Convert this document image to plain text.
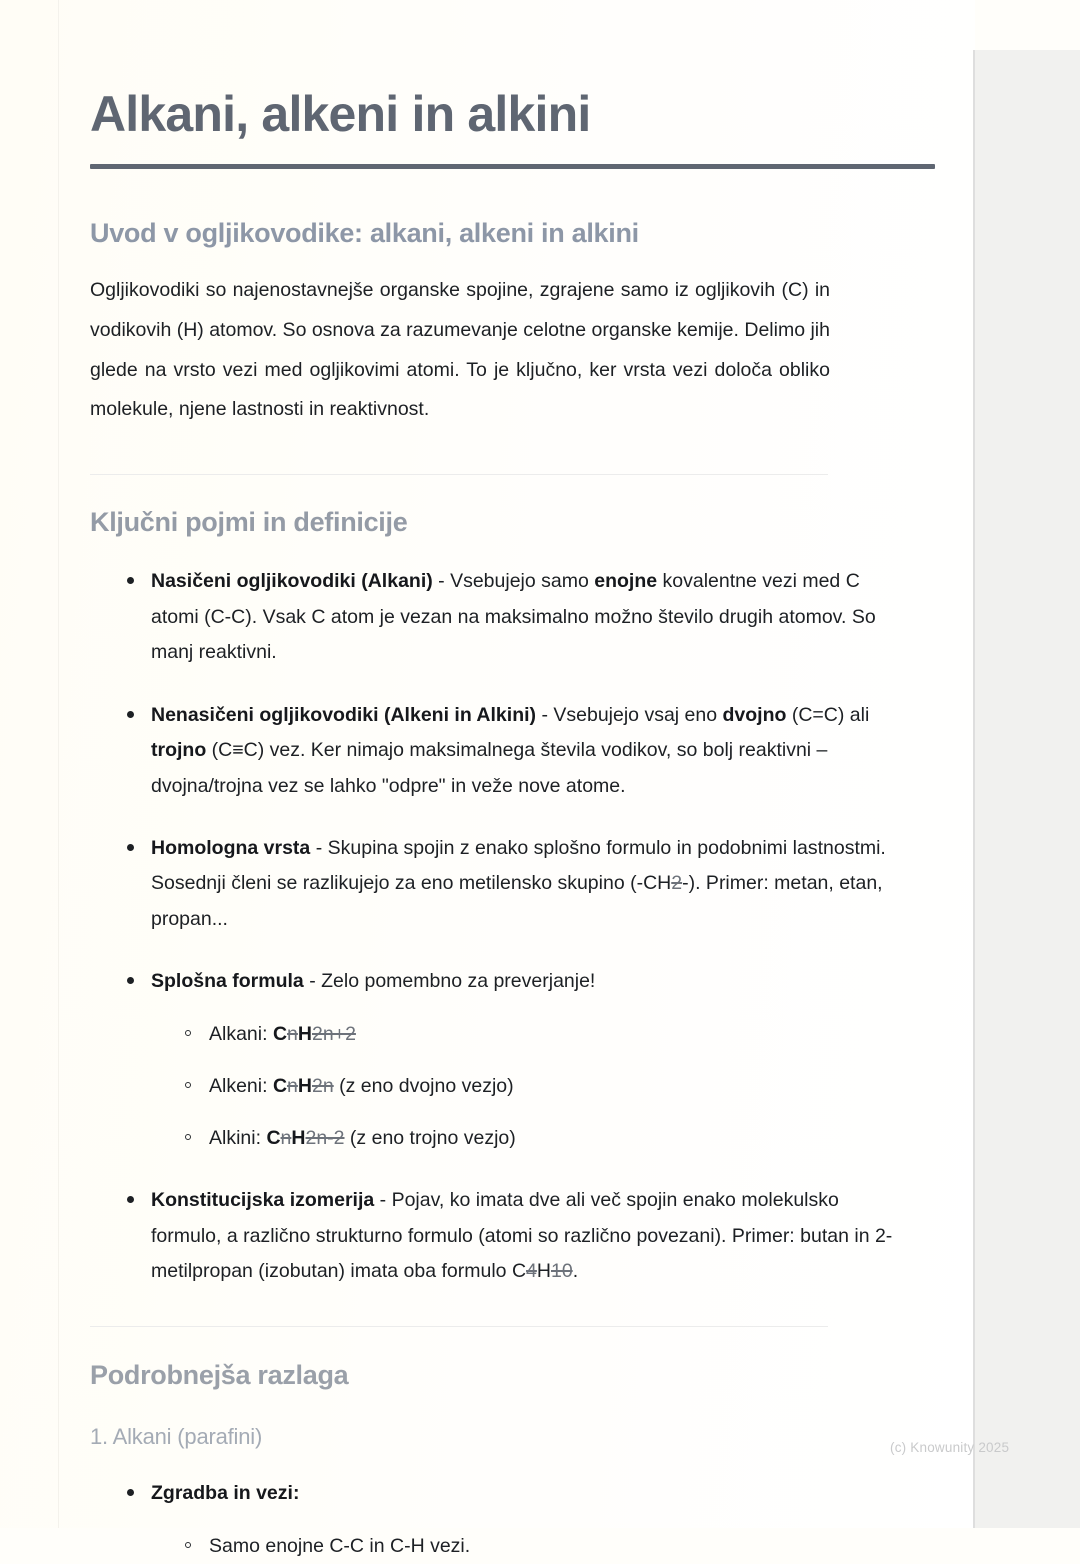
Alkani, alkeni in alkini
Uvod v ogljikovodike: alkani, alkeni in alkini

Ogljikovodiki so najenostavnejše organske spojine, zgrajene samo iz ogljikovih (C) in vodikovih (H) atomov. So osnova za razumevanje celotne organske kemije. Delimo jih glede na vrsto vezi med ogljikovimi atomi. To je ključno, ker vrsta vezi določa obliko molekule, njene lastnosti in reaktivnost.

Ključni pojmi in definicije
Nasičeni ogljikovodiki (Alkani) - Vsebujejo samo enojne kovalentne vezi med C atomi (C-C). Vsak C atom je vezan na maksimalno možno število drugih atomov. So manj reaktivni.
Nenasičeni ogljikovodiki (Alkeni in Alkini) - Vsebujejo vsaj eno dvojno (C=C) ali trojno (C≡C) vez. Ker nimajo maksimalnega števila vodikov, so bolj reaktivni – dvojna/trojna vez se lahko "odpre" in veže nove atome.
Homologna vrsta - Skupina spojin z enako splošno formulo in podobnimi lastnostmi. Sosednji členi se razlikujejo za eno metilensko skupino (-CH2-). Primer: metan, etan, propan...
Splošna formula - Zelo pomembno za preverjanje!
Alkani: CnH2n+2
Alkeni: CnH2n (z eno dvojno vezjo)
Alkini: CnH2n-2 (z eno trojno vezjo)
Konstitucijska izomerija - Pojav, ko imata dve ali več spojin enako molekulsko formulo, a različno strukturno formulo (atomi so različno povezani). Primer: butan in 2-metilpropan (izobutan) imata oba formulo C4H10.
Podrobnejša razlaga
1. Alkani (parafini)
Zgradba in vezi:
Samo enojne C-C in C-H vezi.
(c) Knowunity 2025
